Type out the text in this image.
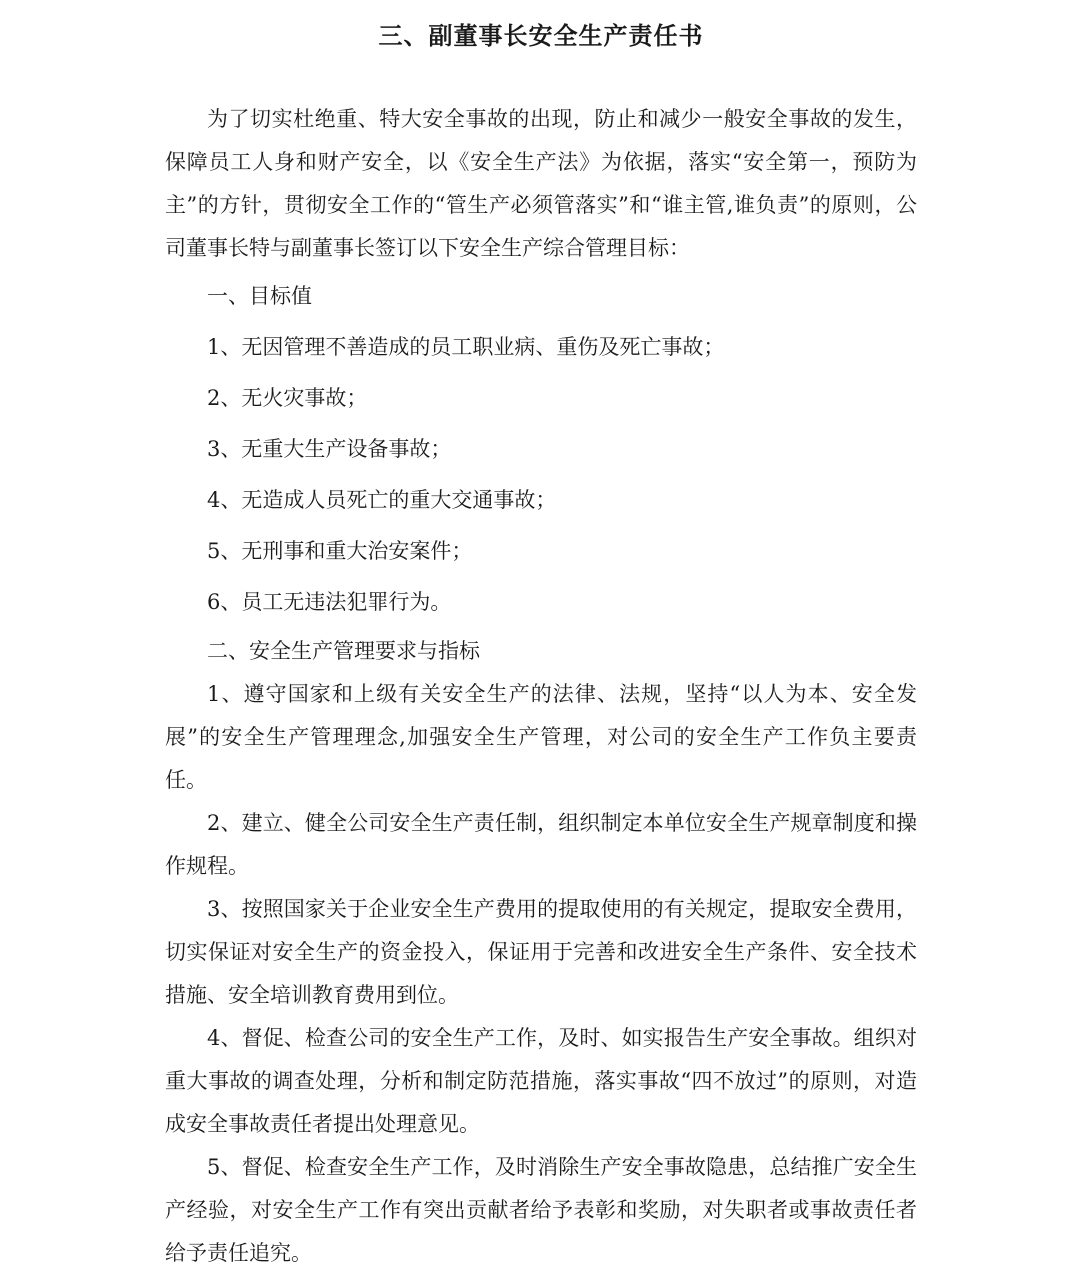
三、副董事长安全生产责任书

为了切实杜绝重、特大安全事故的出现，防止和减少一般安全事故的发生，保障员工人身和财产安全，以《安全生产法》为依据，落实“安全第一，预防为主”的方针，贯彻安全工作的“管生产必须管落实”和“谁主管,谁负责”的原则，公司董事长特与副董事长签订以下安全生产综合管理目标：

一、目标值

1、无因管理不善造成的员工职业病、重伤及死亡事故；

2、无火灾事故；

3、无重大生产设备事故；

4、无造成人员死亡的重大交通事故；

5、无刑事和重大治安案件；

6、员工无违法犯罪行为。

二、安全生产管理要求与指标

1、遵守国家和上级有关安全生产的法律、法规，坚持“以人为本、安全发展”的安全生产管理理念,加强安全生产管理，对公司的安全生产工作负主要责任。

2、建立、健全公司安全生产责任制，组织制定本单位安全生产规章制度和操作规程。

3、按照国家关于企业安全生产费用的提取使用的有关规定，提取安全费用，切实保证对安全生产的资金投入，保证用于完善和改进安全生产条件、安全技术措施、安全培训教育费用到位。

4、督促、检查公司的安全生产工作，及时、如实报告生产安全事故。组织对重大事故的调查处理，分析和制定防范措施，落实事故“四不放过”的原则，对造成安全事故责任者提出处理意见。

5、督促、检查安全生产工作，及时消除生产安全事故隐患，总结推广安全生产经验，对安全生产工作有突出贡献者给予表彰和奖励，对失职者或事故责任者给予责任追究。
